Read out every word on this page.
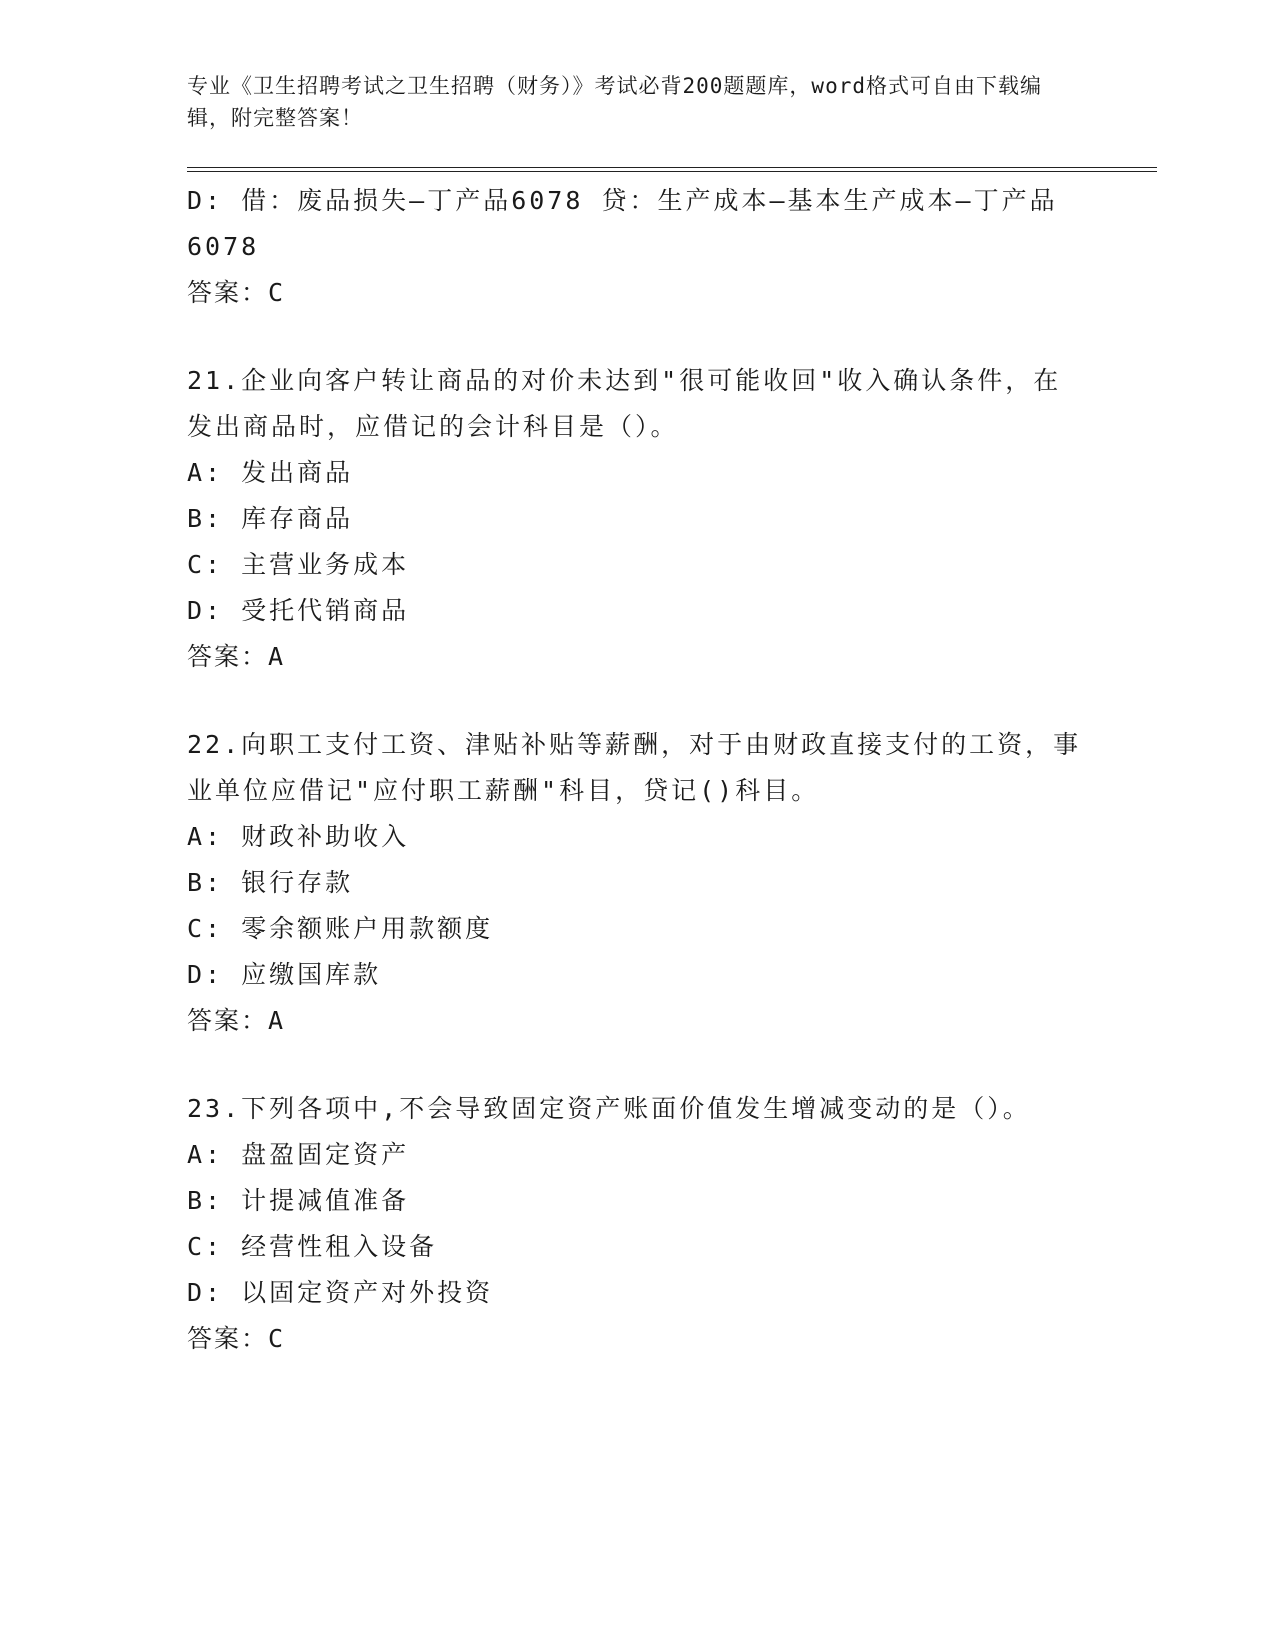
专业《卫生招聘考试之卫生招聘（财务）》考试必背200题题库，word格式可自由下载编辑，附完整答案！
D: 借：废品损失—丁产品6078 贷：生产成本—基本生产成本—丁产品6078
答案：C
21.企业向客户转让商品的对价未达到"很可能收回"收入确认条件，在发出商品时，应借记的会计科目是（）。
A: 发出商品
B: 库存商品
C: 主营业务成本
D: 受托代销商品
答案：A
22.向职工支付工资、津贴补贴等薪酬，对于由财政直接支付的工资，事业单位应借记"应付职工薪酬"科目，贷记()科目。
A: 财政补助收入
B: 银行存款
C: 零余额账户用款额度
D: 应缴国库款
答案：A
23.下列各项中,不会导致固定资产账面价值发生增减变动的是（）。
A: 盘盈固定资产
B: 计提减值准备
C: 经营性租入设备
D: 以固定资产对外投资
答案：C
